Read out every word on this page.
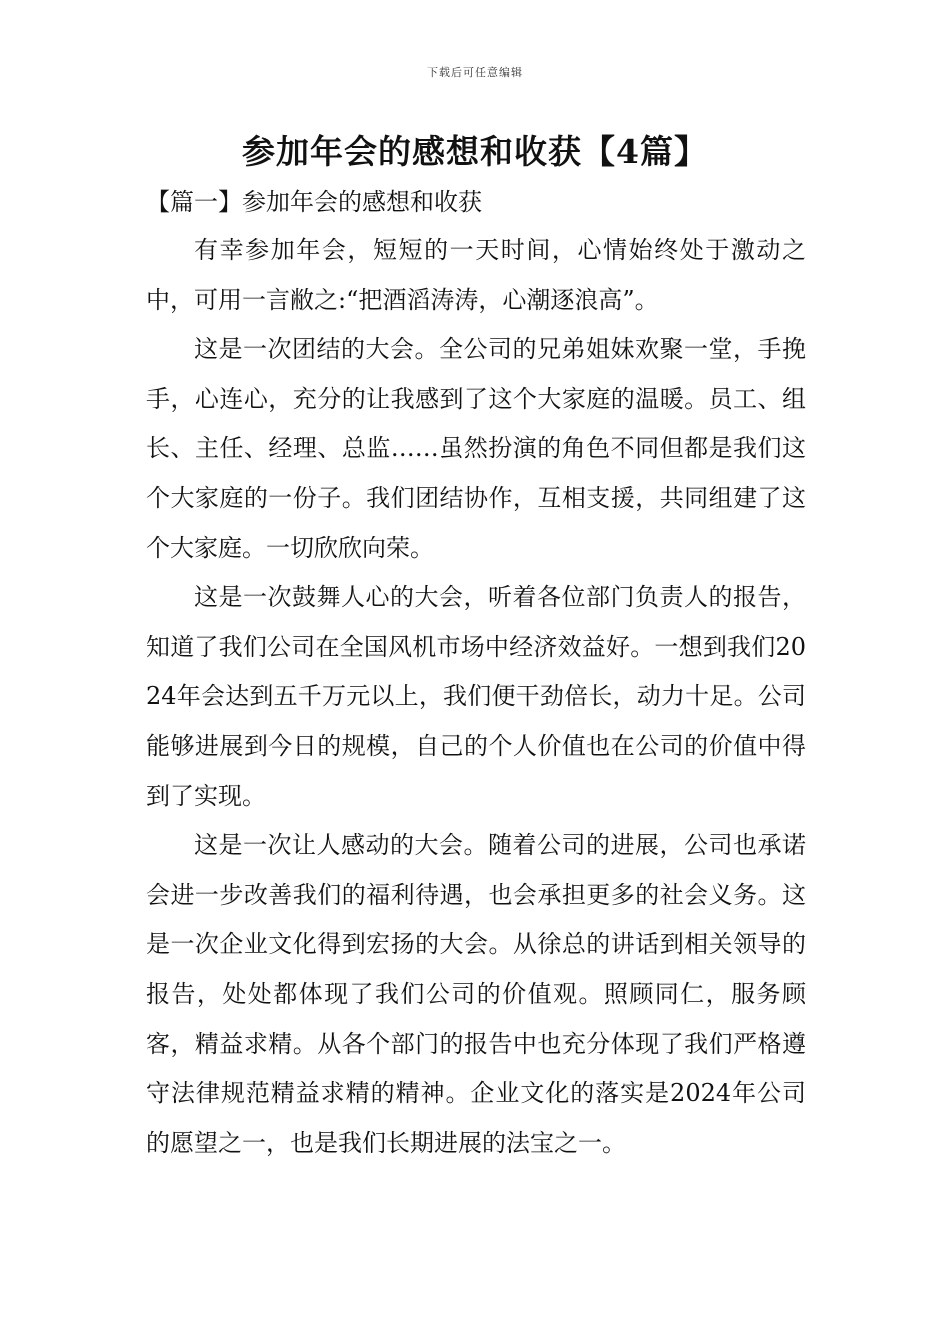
下载后可任意编辑
参加年会的感想和收获【4篇】
【篇一】参加年会的感想和收获

有幸参加年会，短短的一天时间，心情始终处于激动之中，可用一言敝之:“把酒滔涛涛，心潮逐浪高”。

这是一次团结的大会。全公司的兄弟姐妹欢聚一堂，手挽手，心连心，充分的让我感到了这个大家庭的温暖。员工、组长、主任、经理、总监……虽然扮演的角色不同但都是我们这个大家庭的一份子。我们团结协作，互相支援，共同组建了这个大家庭。一切欣欣向荣。

这是一次鼓舞人心的大会，听着各位部门负责人的报告，知道了我们公司在全国风机市场中经济效益好。一想到我们2024年会达到五千万元以上，我们便干劲倍长，动力十足。公司能够进展到今日的规模，自己的个人价值也在公司的价值中得到了实现。

这是一次让人感动的大会。随着公司的进展，公司也承诺会进一步改善我们的福利待遇，也会承担更多的社会义务。这是一次企业文化得到宏扬的大会。从徐总的讲话到相关领导的报告，处处都体现了我们公司的价值观。照顾同仁，服务顾客，精益求精。从各个部门的报告中也充分体现了我们严格遵守法律规范精益求精的精神。企业文化的落实是2024年公司的愿望之一，也是我们长期进展的法宝之一。
